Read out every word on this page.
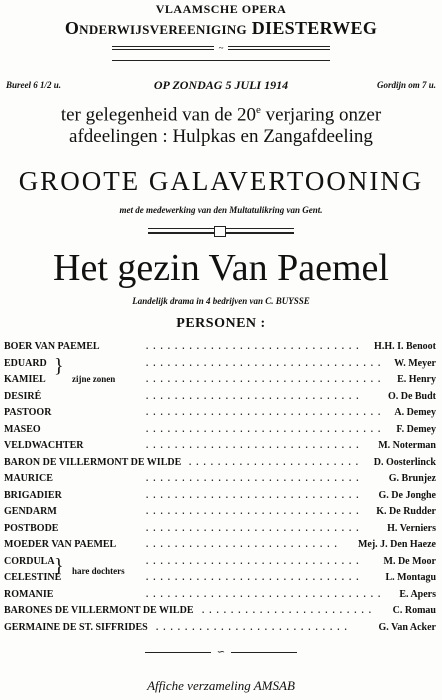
VLAAMSCHE OPERA
Onderwijsvereeniging DIESTERWEG
~
Bureel 6 1/2 u.	OP ZONDAG 5 JULI 1914	Gordijn om 7 u.
ter gelegenheid van de 20e verjaring onzer
afdeelingen : Hulpkas en Zangafdeeling
GROOTE GALAVERTOONING
met de medewerking van den Multatulikring van Gent.
Het gezin Van Paemel
Landelijk drama in 4 bedrijven van C. BUYSSE
PERSONEN :
BOER VAN PAEMEL	.............................. H.H. I. Benoot
EDUARD	................................. W. Meyer
KAMIEL	................................. E. Henry
DESIRÉ	.............................. O. De Budt
PASTOOR	................................. A. Demey
MASEO	................................. F. Demey
VELDWACHTER	.............................. M. Noterman
BARON DE VILLERMONT DE WILDE ........................ D. Oosterlinck
MAURICE	..............................	G. Brunjez
BRIGADIER	.............................. G. De Jonghe
GENDARM	.............................. K. De Rudder
POSTBODE	.............................. H. Verniers
MOEDER VAN PAEMEL	........................... Mej. J. Den Haeze
CORDULA	.............................. M. De Moor
CELESTINE	.............................. L. Montagu
ROMANIE	................................. E. Apers
BARONES DE VILLERMONT DE WILDE ........................ C. Romau
GERMAINE DE ST. SIFFRIDES ...........................	G. Van Acker
}
zijne zonen
} hare dochters
∽
Affiche verzameling AMSAB
